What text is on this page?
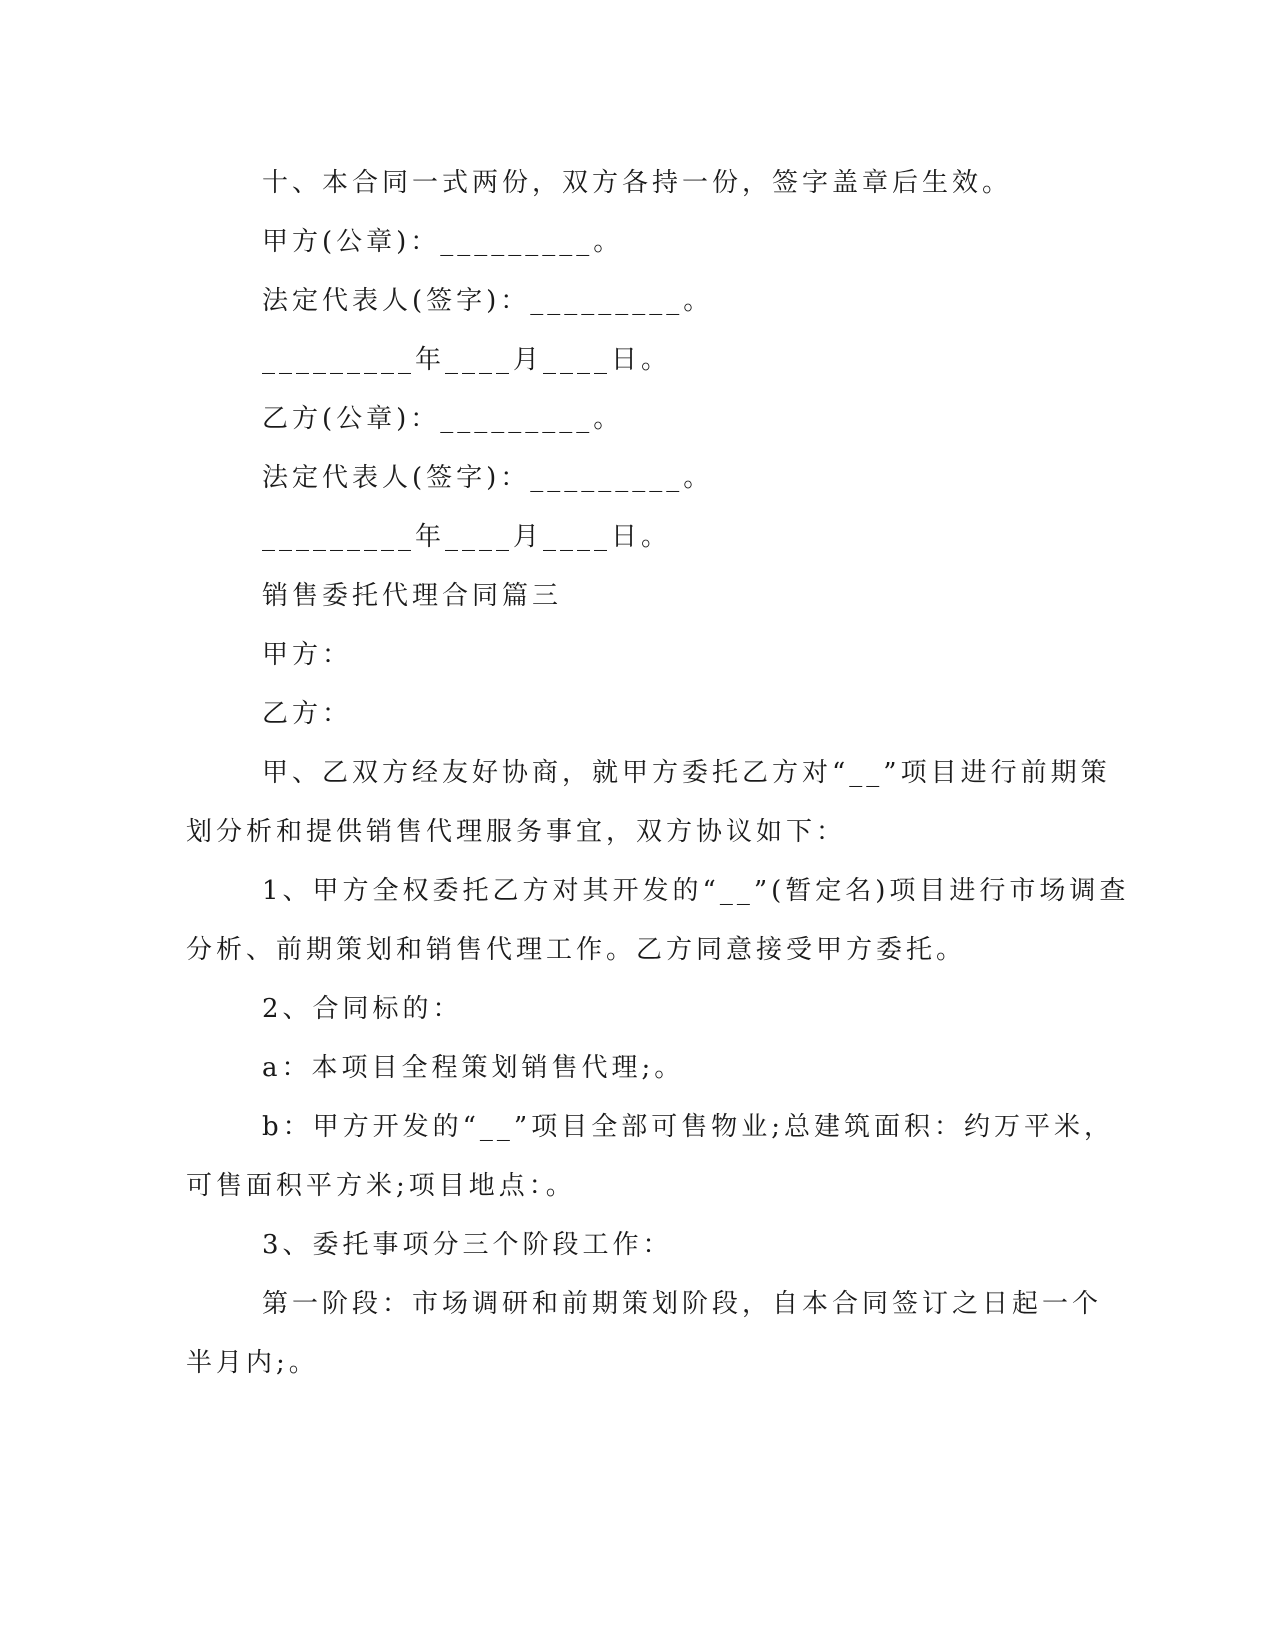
十、本合同一式两份，双方各持一份，签字盖章后生效。
甲方(公章)：_________。
法定代表人(签字)：_________。
_________年____月____日。
乙方(公章)：_________。
法定代表人(签字)：_________。
_________年____月____日。
销售委托代理合同篇三
甲方：
乙方：
甲、乙双方经友好协商，就甲方委托乙方对“__”项目进行前期策
划分析和提供销售代理服务事宜，双方协议如下：
1、甲方全权委托乙方对其开发的“__”(暂定名)项目进行市场调查
分析、前期策划和销售代理工作。乙方同意接受甲方委托。
2、合同标的：
a：本项目全程策划销售代理;。
b：甲方开发的“__”项目全部可售物业;总建筑面积：约万平米，
可售面积平方米;项目地点：。
3、委托事项分三个阶段工作：
第一阶段：市场调研和前期策划阶段，自本合同签订之日起一个
半月内;。
